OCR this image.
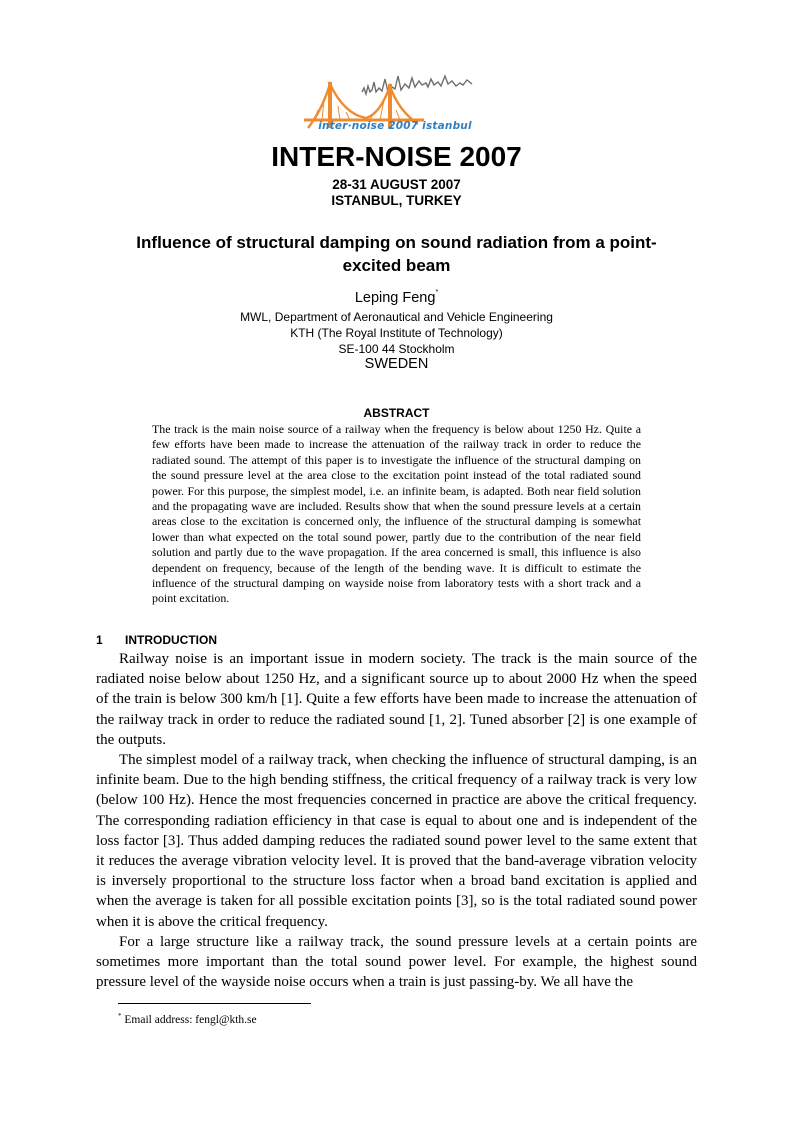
inter·noise 2007 istanbul
INTER-NOISE 2007
28-31 AUGUST 2007
ISTANBUL, TURKEY
Influence of structural damping on sound radiation from a point-excited beam
Leping Feng*
MWL, Department of Aeronautical and Vehicle Engineering
KTH (The Royal Institute of Technology)
SE-100 44 Stockholm
SWEDEN
ABSTRACT
The track is the main noise source of a railway when the frequency is below about 1250 Hz. Quite a few efforts have been made to increase the attenuation of the railway track in order to reduce the radiated sound. The attempt of this paper is to investigate the influence of the structural damping on the sound pressure level at the area close to the excitation point instead of the total radiated sound power. For this purpose, the simplest model, i.e. an infinite beam, is adapted. Both near field solution and the propagating wave are included. Results show that when the sound pressure levels at a certain areas close to the excitation is concerned only, the influence of the structural damping is somewhat lower than what expected on the total sound power, partly due to the contribution of the near field solution and partly due to the wave propagation. If the area concerned is small, this influence is also dependent on frequency, because of the length of the bending wave. It is difficult to estimate the influence of the structural damping on wayside noise from laboratory tests with a short track and a point excitation.
1 INTRODUCTION

Railway noise is an important issue in modern society. The track is the main source of the radiated noise below about 1250 Hz, and a significant source up to about 2000 Hz when the speed of the train is below 300 km/h [1]. Quite a few efforts have been made to increase the attenuation of the railway track in order to reduce the radiated sound [1, 2]. Tuned absorber [2] is one example of the outputs.

The simplest model of a railway track, when checking the influence of structural damping, is an infinite beam. Due to the high bending stiffness, the critical frequency of a railway track is very low (below 100 Hz). Hence the most frequencies concerned in practice are above the critical frequency. The corresponding radiation efficiency in that case is equal to about one and is independent of the loss factor [3]. Thus added damping reduces the radiated sound power level to the same extent that it reduces the average vibration velocity level. It is proved that the band-average vibration velocity is inversely proportional to the structure loss factor when a broad band excitation is applied and when the average is taken for all possible excitation points [3], so is the total radiated sound power when it is above the critical frequency.

For a large structure like a railway track, the sound pressure levels at a certain points are sometimes more important than the total sound power level. For example, the highest sound pressure level of the wayside noise occurs when a train is just passing-by. We all have the

* Email address: fengl@kth.se
